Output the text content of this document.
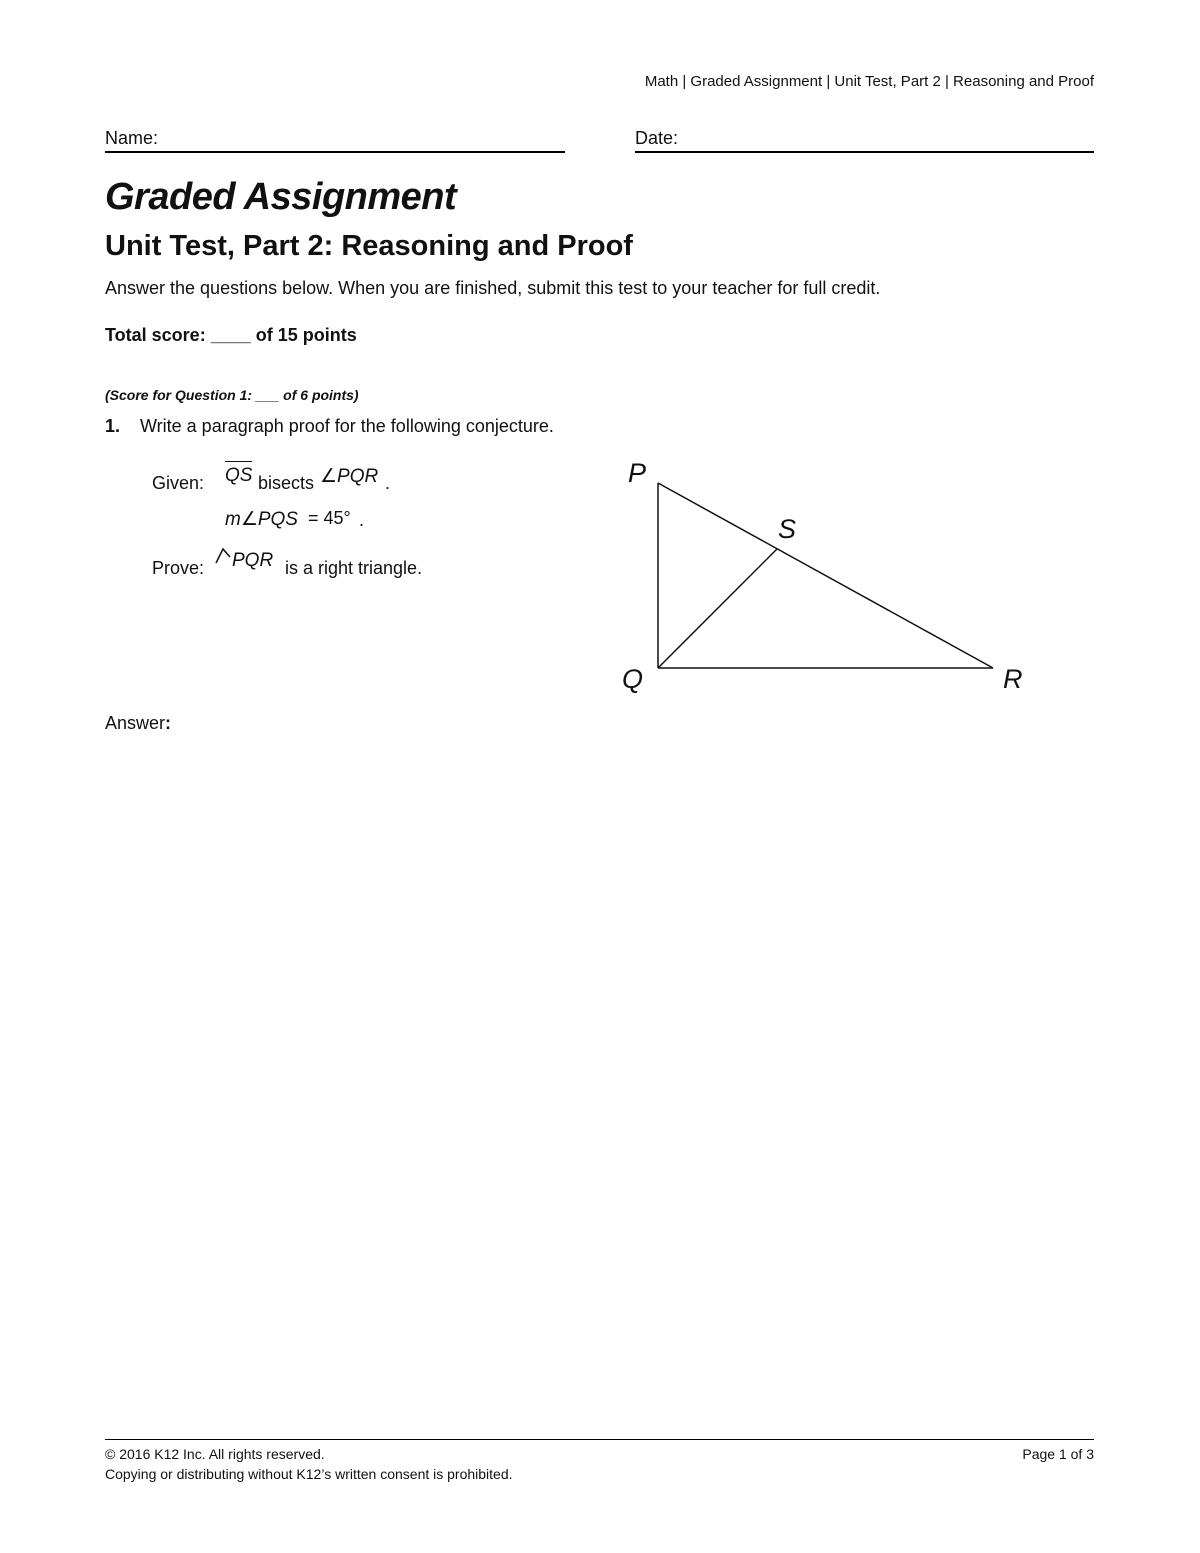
Math | Graded Assignment | Unit Test, Part 2 | Reasoning and Proof
Name:	Date:
Graded Assignment
Unit Test, Part 2: Reasoning and Proof
Answer the questions below. When you are finished, submit this test to your teacher for full credit.
Total score: ____ of 15 points
(Score for Question 1: ___ of 6 points)
1. Write a paragraph proof for the following conjecture.
Given: QS bisects ∠PQR .
m∠PQS = 45° .
Prove: PQR is a right triangle.
P
S
Q	R
Answer:
© 2016 K12 Inc. All rights reserved.
Copying or distributing without K12’s written consent is prohibited.
Page 1 of 3
